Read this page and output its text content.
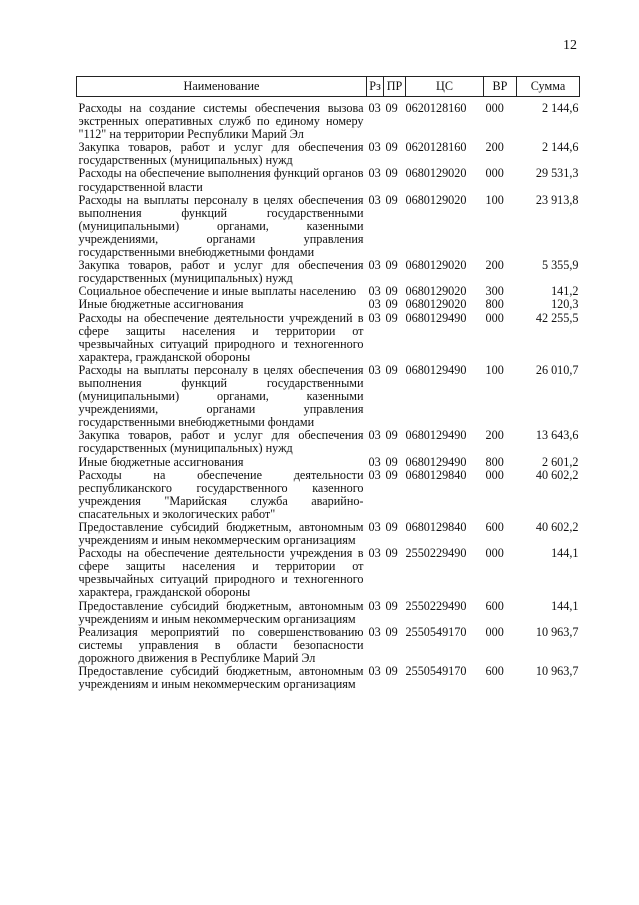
12
Наименование	Рз	ПР	ЦС	ВР	Сумма
Расходы на создание системы обеспечения вызова экстренных оперативных служб по единому номеру "112" на территории Республики Марий Эл	03	09	0620128160	000	2 144,6
Закупка товаров, работ и услуг для обеспечения государственных (муниципальных) нужд	03	09	0620128160	200	2 144,6
Расходы на обеспечение выполнения функций органов государственной власти	03	09	0680129020	000	29 531,3
Расходы на выплаты персоналу в целях обеспечения выполнения функций государственными (муниципальными) органами, казенными учреждениями, органами управления государственными внебюджетными фондами	03	09	0680129020	100	23 913,8
Закупка товаров, работ и услуг для обеспечения государственных (муниципальных) нужд	03	09	0680129020	200	5 355,9
Социальное обеспечение и иные выплаты населению	03	09	0680129020	300	141,2
Иные бюджетные ассигнования	03	09	0680129020	800	120,3
Расходы на обеспечение деятельности учреждений в сфере защиты населения и территории от чрезвычайных ситуаций природного и техногенного характера, гражданской обороны	03	09	0680129490	000	42 255,5
Расходы на выплаты персоналу в целях обеспечения выполнения функций государственными (муниципальными) органами, казенными учреждениями, органами управления государственными внебюджетными фондами	03	09	0680129490	100	26 010,7
Закупка товаров, работ и услуг для обеспечения государственных (муниципальных) нужд	03	09	0680129490	200	13 643,6
Иные бюджетные ассигнования	03	09	0680129490	800	2 601,2
Расходы на обеспечение деятельности республиканского государственного казенного учреждения "Марийская служба аварийно-спасательных и экологических работ"	03	09	0680129840	000	40 602,2
Предоставление субсидий бюджетным, автономным учреждениям и иным некоммерческим организациям	03	09	0680129840	600	40 602,2
Расходы на обеспечение деятельности учреждения в сфере защиты населения и территории от чрезвычайных ситуаций природного и техногенного характера, гражданской обороны	03	09	2550229490	000	144,1
Предоставление субсидий бюджетным, автономным учреждениям и иным некоммерческим организациям	03	09	2550229490	600	144,1
Реализация мероприятий по совершенствованию системы управления в области безопасности дорожного движения в Республике Марий Эл	03	09	2550549170	000	10 963,7
Предоставление субсидий бюджетным, автономным учреждениям и иным некоммерческим организациям	03	09	2550549170	600	10 963,7
